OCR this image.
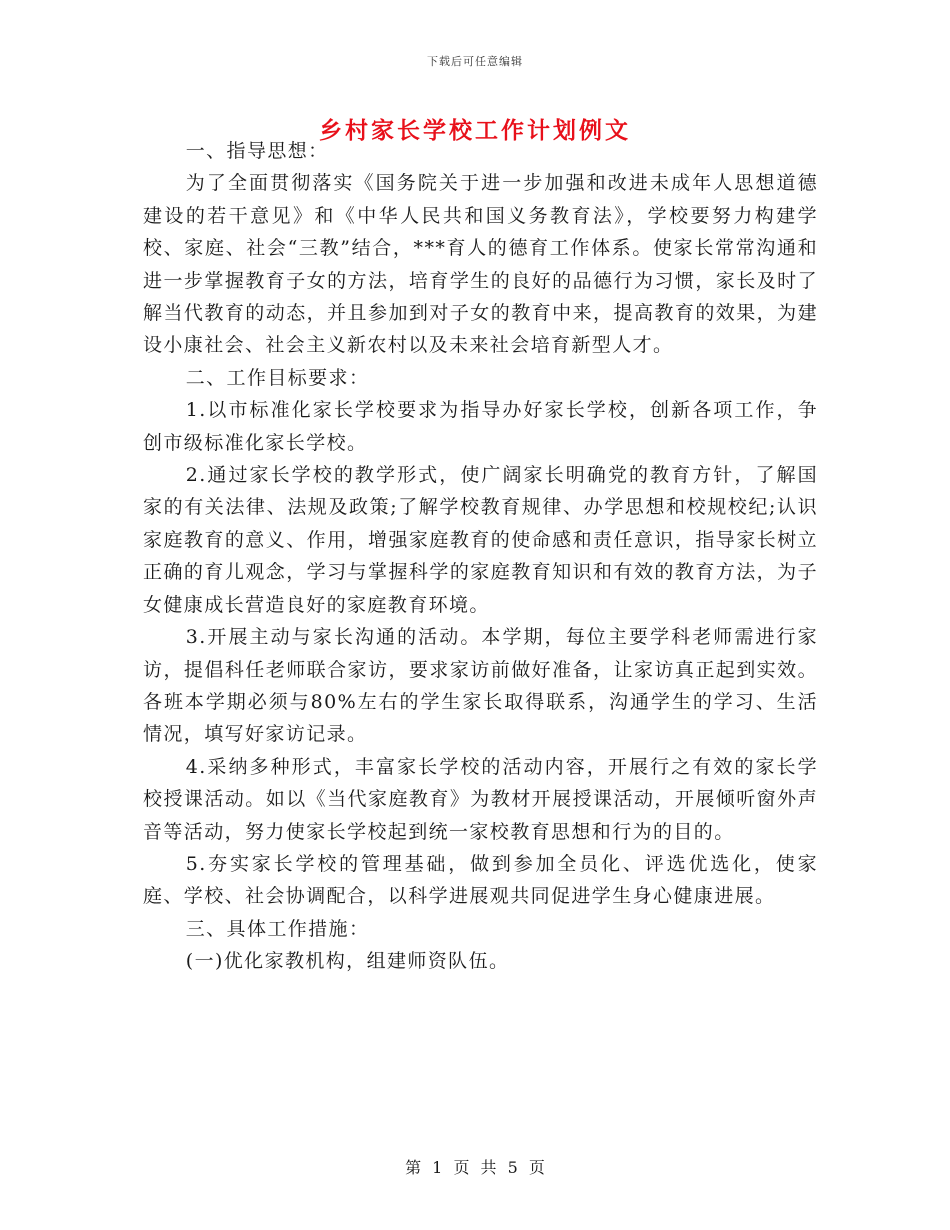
下载后可任意编辑
乡村家长学校工作计划例文

一、指导思想：

为了全面贯彻落实《国务院关于进一步加强和改进未成年人思想道德建设的若干意见》和《中华人民共和国义务教育法》，学校要努力构建学校、家庭、社会“三教”结合，***育人的德育工作体系。使家长常常沟通和进一步掌握教育子女的方法，培育学生的良好的品德行为习惯，家长及时了解当代教育的动态，并且参加到对子女的教育中来，提高教育的效果，为建设小康社会、社会主义新农村以及未来社会培育新型人才。

二、工作目标要求：

1.以市标准化家长学校要求为指导办好家长学校，创新各项工作，争创市级标准化家长学校。

2.通过家长学校的教学形式，使广阔家长明确党的教育方针，了解国家的有关法律、法规及政策;了解学校教育规律、办学思想和校规校纪;认识家庭教育的意义、作用，增强家庭教育的使命感和责任意识，指导家长树立正确的育儿观念，学习与掌握科学的家庭教育知识和有效的教育方法，为子女健康成长营造良好的家庭教育环境。

3.开展主动与家长沟通的活动。本学期，每位主要学科老师需进行家访，提倡科任老师联合家访，要求家访前做好准备，让家访真正起到实效。各班本学期必须与80%左右的学生家长取得联系，沟通学生的学习、生活情况，填写好家访记录。

4.采纳多种形式，丰富家长学校的活动内容，开展行之有效的家长学校授课活动。如以《当代家庭教育》为教材开展授课活动，开展倾听窗外声音等活动，努力使家长学校起到统一家校教育思想和行为的目的。

5.夯实家长学校的管理基础，做到参加全员化、评选优选化，使家庭、学校、社会协调配合，以科学进展观共同促进学生身心健康进展。

三、具体工作措施：

(一)优化家教机构，组建师资队伍。

第 1 页 共 5 页
